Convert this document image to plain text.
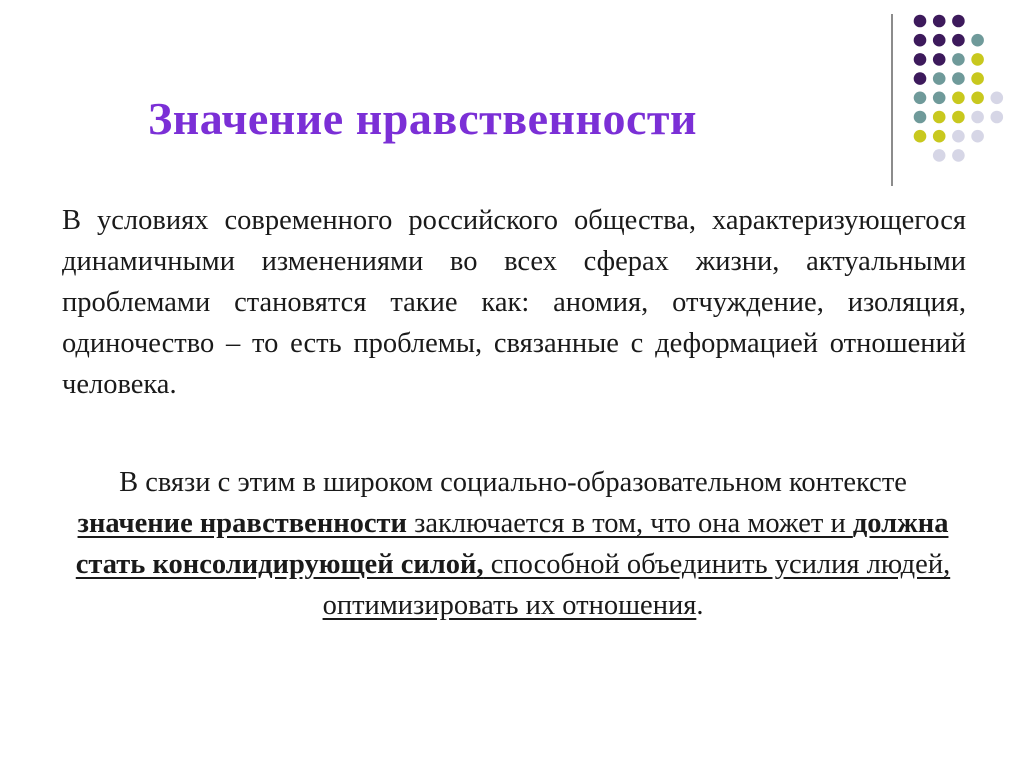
Значение нравственности
В условиях современного российского общества, характеризующегося динамичными изменениями во всех сферах жизни, актуальными проблемами становятся такие как: аномия, отчуждение, изоляция, одиночество – то есть проблемы, связанные с деформацией отношений человека.
В связи с этим в широком социально-образовательном контексте значение нравственности заключается в том, что она может и должна стать консолидирующей силой, способной объединить усилия людей, оптимизировать их отношения.
